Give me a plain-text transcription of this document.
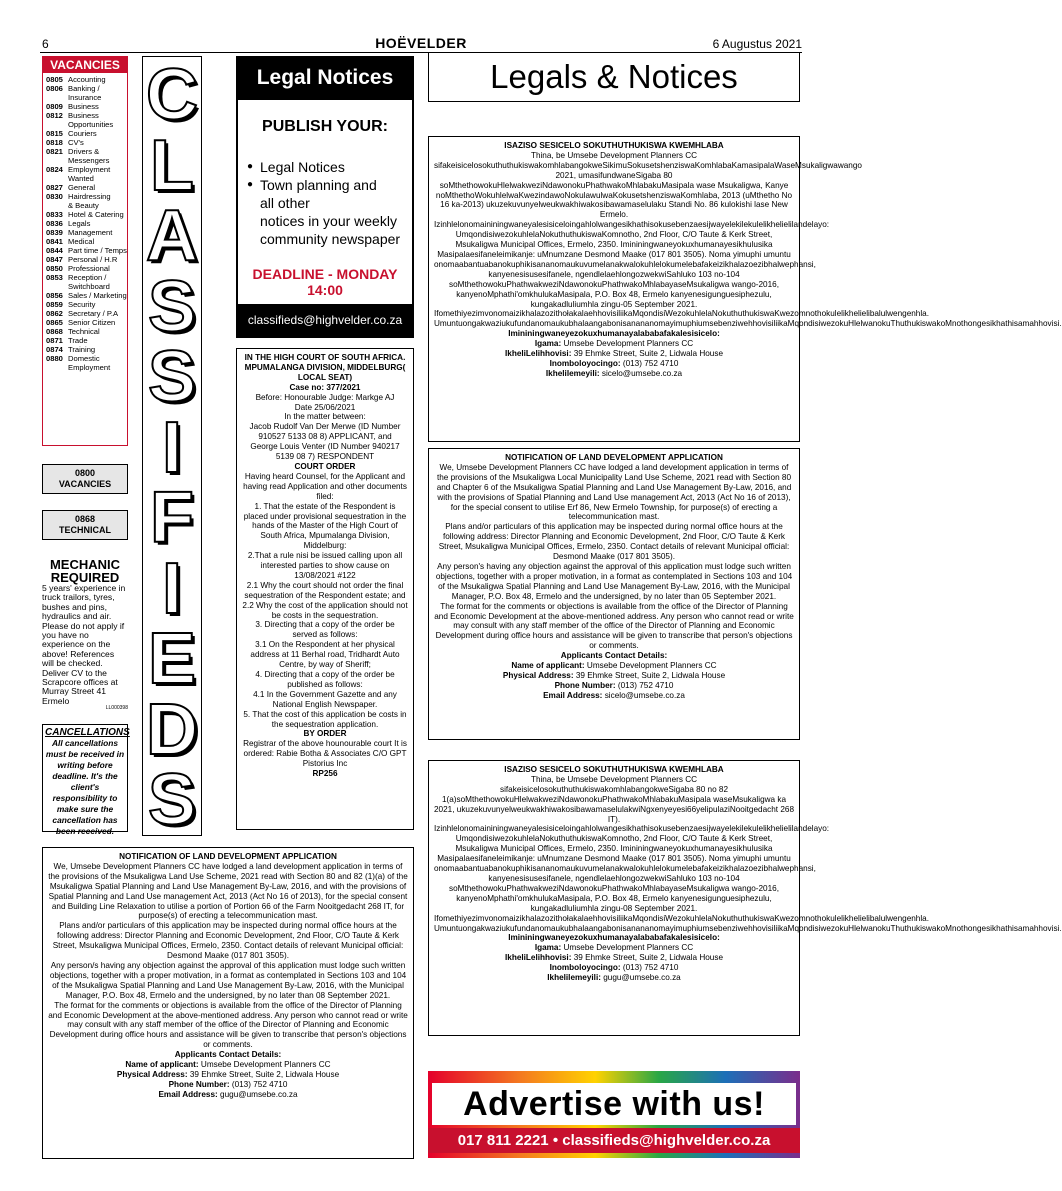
6	HOËVELDER	6 Augustus 2021
VACANCIES
0805 Accounting
0806 Banking /
Insurance
0809 Business
0812 Business
Opportunities
0815 Couriers
0818 CV's
0821 Drivers &
Messengers
0824 Employment
Wanted
0827 General
0830 Hairdressing
& Beauty
0833 Hotel & Catering
0836 Legals
0839 Management
0841 Medical
0844 Part time / Temps
0847 Personal / H.R
0850 Professional
0853 Reception /
Switchboard
0856 Sales / Marketing
0859 Security
0862 Secretary / P.A
0865 Senior Citizen
0868 Technical
0871 Trade
0874 Training
0880 Domestic
Employment
0800
VACANCIES
0868
TECHNICAL
MECHANIC REQUIRED

5 years' experience in truck trailors, tyres, bushes and pins, hydraulics and air. Please do not apply if you have no experience on the above! References will be checked. Deliver CV to the Scrapcore offices at Murray Street 41 Ermelo

LL000398
CANCELLATIONS
All cancellations must be received in writing before deadline. It's the client's responsibility to make sure the cancellation has been received.
C
L
A
S
S
I
F
I
E
D
S
Legal Notices
PUBLISH YOUR:
● Legal Notices
● Town planning and
all other
notices in your weekly
community newspaper
DEADLINE - MONDAY 14:00
classifieds@highvelder.co.za

IN THE HIGH COURT OF SOUTH AFRICA. MPUMALANGA DIVISION, MIDDELBURG( LOCAL SEAT)

Case no: 377/2021

Before: Honourable Judge: Markge AJ

Date 25/06/2021

In the matter between:

Jacob Rudolf Van Der Merwe (ID Number 910527 5133 08 8) APPLICANT, and

George Louis Venter (ID Number 940217 5139 08 7) RESPONDENT

COURT ORDER

Having heard Counsel, for the Applicant and having read Application and other documents filed:

1. That the estate of the Respondent is placed under provisional sequestration in the hands of the Master of the High Court of South Africa, Mpumalanga Division, Middelburg:

2.That a rule nisi be issued calling upon all interested parties to show cause on 13/08/2021 #122

2.1 Why the court should not order the final sequestration of the Respondent estate; and

2.2 Why the cost of the application should not be costs in the sequestration.

3. Directing that a copy of the order be served as follows:

3.1 On the Respondent at her physical address at 11 Berhal road, Tridhardt Auto Centre, by way of Sheriff;

4. Directing that a copy of the order be published as follows:

4.1 In the Government Gazette and any National English Newspaper.

5. That the cost of this application be costs in the sequestration application.

BY ORDER

Registrar of the above hounourable court It is ordered: Rabie Botha & Associates C/O GPT Pistorius Inc

RP256

Legals & Notices

ISAZISO SESICELO SOKUTHUTHUKISWA KWEMHLABA

Thina, be Umsebe Development Planners CC sifakeisicelosokuthuthukiswakomhlabangokweSikimuSokusetshenziswaKomhlabaKamasipalaWaseMsukaligwawango 2021, umasifundwaneSigaba 80 soMthethowokuHlelwakweziNdawonokuPhathwakoMhlabakuMasipala wase Msukaligwa, Kanye noMthethoWokuhlelwaKwezindawoNokulawulwaKokusetshenziswaKomhlaba, 2013 (uMthetho No 16 ka-2013) ukuzekuvunyelweukwakhiwakosibawamaselulaku Standi No. 86 kulokishi lase New Ermelo. Izinhlelonomaininingwaneyalesisiceloingahlolwangesikhathisokusebenzaesijwayelekilekulelikhelielilandelayo: UmqondisiwezokuhlelaNokuthuthukiswaKomnotho, 2nd Floor, C/O Taute & Kerk Street, Msukaligwa Municipal Offices, Ermelo, 2350. Imininingwaneyokuxhumanayesikhulusika Masipalaesifaneleimikanje: uMnumzane Desmond Maake (017 801 3505). Noma yimuphi umuntu onomaabantuabanokuphikisananomaukuvumelanakwalokuhlelokumelebafakeizikhalazoezibhalwephansi, kanyenesisusesifanele, ngendlelaehlongozwekwiSahluko 103 no-104 soMthethowokuPhathwakweziNdawonokuPhathwakoMhlabayaseMsukaligwa wango-2016, kanyenoMphathi'omkhulukaMasipala, P.O. Box 48, Ermelo kanyenesigunguesiphezulu, kungakadluliumhla zingu-05 September 2021. IfomethiyezimvonomaizikhalazozithołakalaehhovisiliikaMqondisiWezokuhlelaNokuthuthukiswaKwezomnothokulelikhelielibalulwengenhla. UmuntuongakwaziukufundanomaukubhalaangabonisanananomayimuphiumsebenziwehhovisiliikaMqondisiwezokuHlelwanokuThuthukiswakoMnothongesikhathisamahhovisi.

Imininingwaneyezokuxhumanayalababafakalesisicelo:

Igama: Umsebe Development Planners CC

IkheliLelihhovisi: 39 Ehmke Street, Suite 2, Lidwala House

Inomboloyocingo: (013) 752 4710

Ikhelilemeyili: sicelo@umsebe.co.za

NOTIFICATION OF LAND DEVELOPMENT APPLICATION

We, Umsebe Development Planners CC have lodged a land development application in terms of the provisions of the Msukaligwa Local Municipality Land Use Scheme, 2021 read with Section 80 and Chapter 6 of the Msukaligwa Spatial Planning and Land Use Management By-Law, 2016, and with the provisions of Spatial Planning and Land Use management Act, 2013 (Act No 16 of 2013), for the special consent to utilise Erf 86, New Ermelo Township, for purpose(s) of erecting a telecommunication mast.

Plans and/or particulars of this application may be inspected during normal office hours at the following address: Director Planning and Economic Development, 2nd Floor, C/O Taute & Kerk Street, Msukaligwa Municipal Offices, Ermelo, 2350. Contact details of relevant Municipal official: Desmond Maake (017 801 3505).

Any person's having any objection against the approval of this application must lodge such written objections, together with a proper motivation, in a format as contemplated in Sections 103 and 104 of the Msukaligwa Spatial Planning and Land Use Management By-Law, 2016, with the Municipal Manager, P.O. Box 48, Ermelo and the undersigned, by no later than 05 September 2021.

The format for the comments or objections is available from the office of the Director of Planning and Economic Development at the above-mentioned address. Any person who cannot read or write may consult with any staff member of the office of the Director of Planning and Economic Development during office hours and assistance will be given to transcribe that person's objections or comments.

Applicants Contact Details:

Name of applicant: Umsebe Development Planners CC

Physical Address: 39 Ehmke Street, Suite 2, Lidwala House

Phone Number: (013) 752 4710

Email Address: sicelo@umsebe.co.za

ISAZISO SESICELO SOKUTHUTHUKISWA KWEMHLABA

Thina, be Umsebe Development Planners CC sifakeisicelosokuthuthukiswakomhlabangokweSigaba 80 no 82 1(a)soMthethowokuHlelwakweziNdawonokuPhathwakoMhlabakuMasipala waseMsukaligwa ka 2021, ukuzekuvunyelweukwakhiwakosibawamaselulakwiNgxenyeyesi66yelipulaziNooitgedacht 268 IT). Izinhlelonomaininingwaneyalesisiceloingahlolwangesikhathisokusebenzaesijwayelekilekulelikhelielilandelayo: UmqondisiwezokuhlelaNokuthuthukiswaKomnotho, 2nd Floor, C/O Taute & Kerk Street, Msukaligwa Municipal Offices, Ermelo, 2350. Imininingwaneyokuxhumanayesikhulusika Masipalaesifaneleimikanje: uMnumzane Desmond Maake (017 801 3505). Noma yimuphi umuntu onomaabantuabanokuphikisananomaukuvumelanakwalokuhlelokumelebafakeizikhalazoezibhalwephansi, kanyenesisusesifanele, ngendlelaehlongozwekwiSahluko 103 no-104 soMthethowokuPhathwakweziNdawonokuPhathwakoMhlabayaseMsukaligwa wango-2016, kanyenoMphathi'omkhulukaMasipala, P.O. Box 48, Ermelo kanyenesigunguesiphezulu, kungakadluliumhla zingu-08 September 2021. IfomethiyezimvonomaizikhalazozithołakalaehhovisiliikaMqondisiWezokuhlelaNokuthuthukiswaKwezomnothokulelikhelielibalulwengenhla. UmuntuongakwaziukufundanomaukubhalaangabonisanananomayimuphiumsebenziwehhovisiliikaMqondisiwezokuHlelwanokuThuthukiswakoMnothongesikhathisamahhovisi.

Imininingwaneyezokuxhumanayalababafakalesisicelo:

Igama: Umsebe Development Planners CC

IkheliLelihhovisi: 39 Ehmke Street, Suite 2, Lidwala House

Inomboloyocingo: (013) 752 4710

Ikhelilemeyili: gugu@umsebe.co.za

NOTIFICATION OF LAND DEVELOPMENT APPLICATION

We, Umsebe Development Planners CC have lodged a land development application in terms of the provisions of the Msukaligwa Land Use Scheme, 2021 read with Section 80 and 82 (1)(a) of the Msukaligwa Spatial Planning and Land Use Management By-Law, 2016, and with the provisions of Spatial Planning and Land Use management Act, 2013 (Act No 16 of 2013), for the special consent and Building Line Relaxation to utilise a portion of Portion 66 of the Farm Nooitgedacht 268 IT, for purpose(s) of erecting a telecommunication mast.

Plans and/or particulars of this application may be inspected during normal office hours at the following address: Director Planning and Economic Development, 2nd Floor, C/O Taute & Kerk Street, Msukaligwa Municipal Offices, Ermelo, 2350. Contact details of relevant Municipal official: Desmond Maake (017 801 3505).

Any person/s having any objection against the approval of this application must lodge such written objections, together with a proper motivation, in a format as contemplated in Sections 103 and 104 of the Msukaligwa Spatial Planning and Land Use Management By-Law, 2016, with the Municipal Manager, P.O. Box 48, Ermelo and the undersigned, by no later than 08 September 2021.

The format for the comments or objections is available from the office of the Director of Planning and Economic Development at the above-mentioned address. Any person who cannot read or write may consult with any staff member of the office of the Director of Planning and Economic Development during office hours and assistance will be given to transcribe that person's objections or comments.

Applicants Contact Details:

Name of applicant: Umsebe Development Planners CC

Physical Address: 39 Ehmke Street, Suite 2, Lidwala House

Phone Number: (013) 752 4710

Email Address: gugu@umsebe.co.za	Advertise with us!
017 811 2221 • classifieds@highvelder.co.za
